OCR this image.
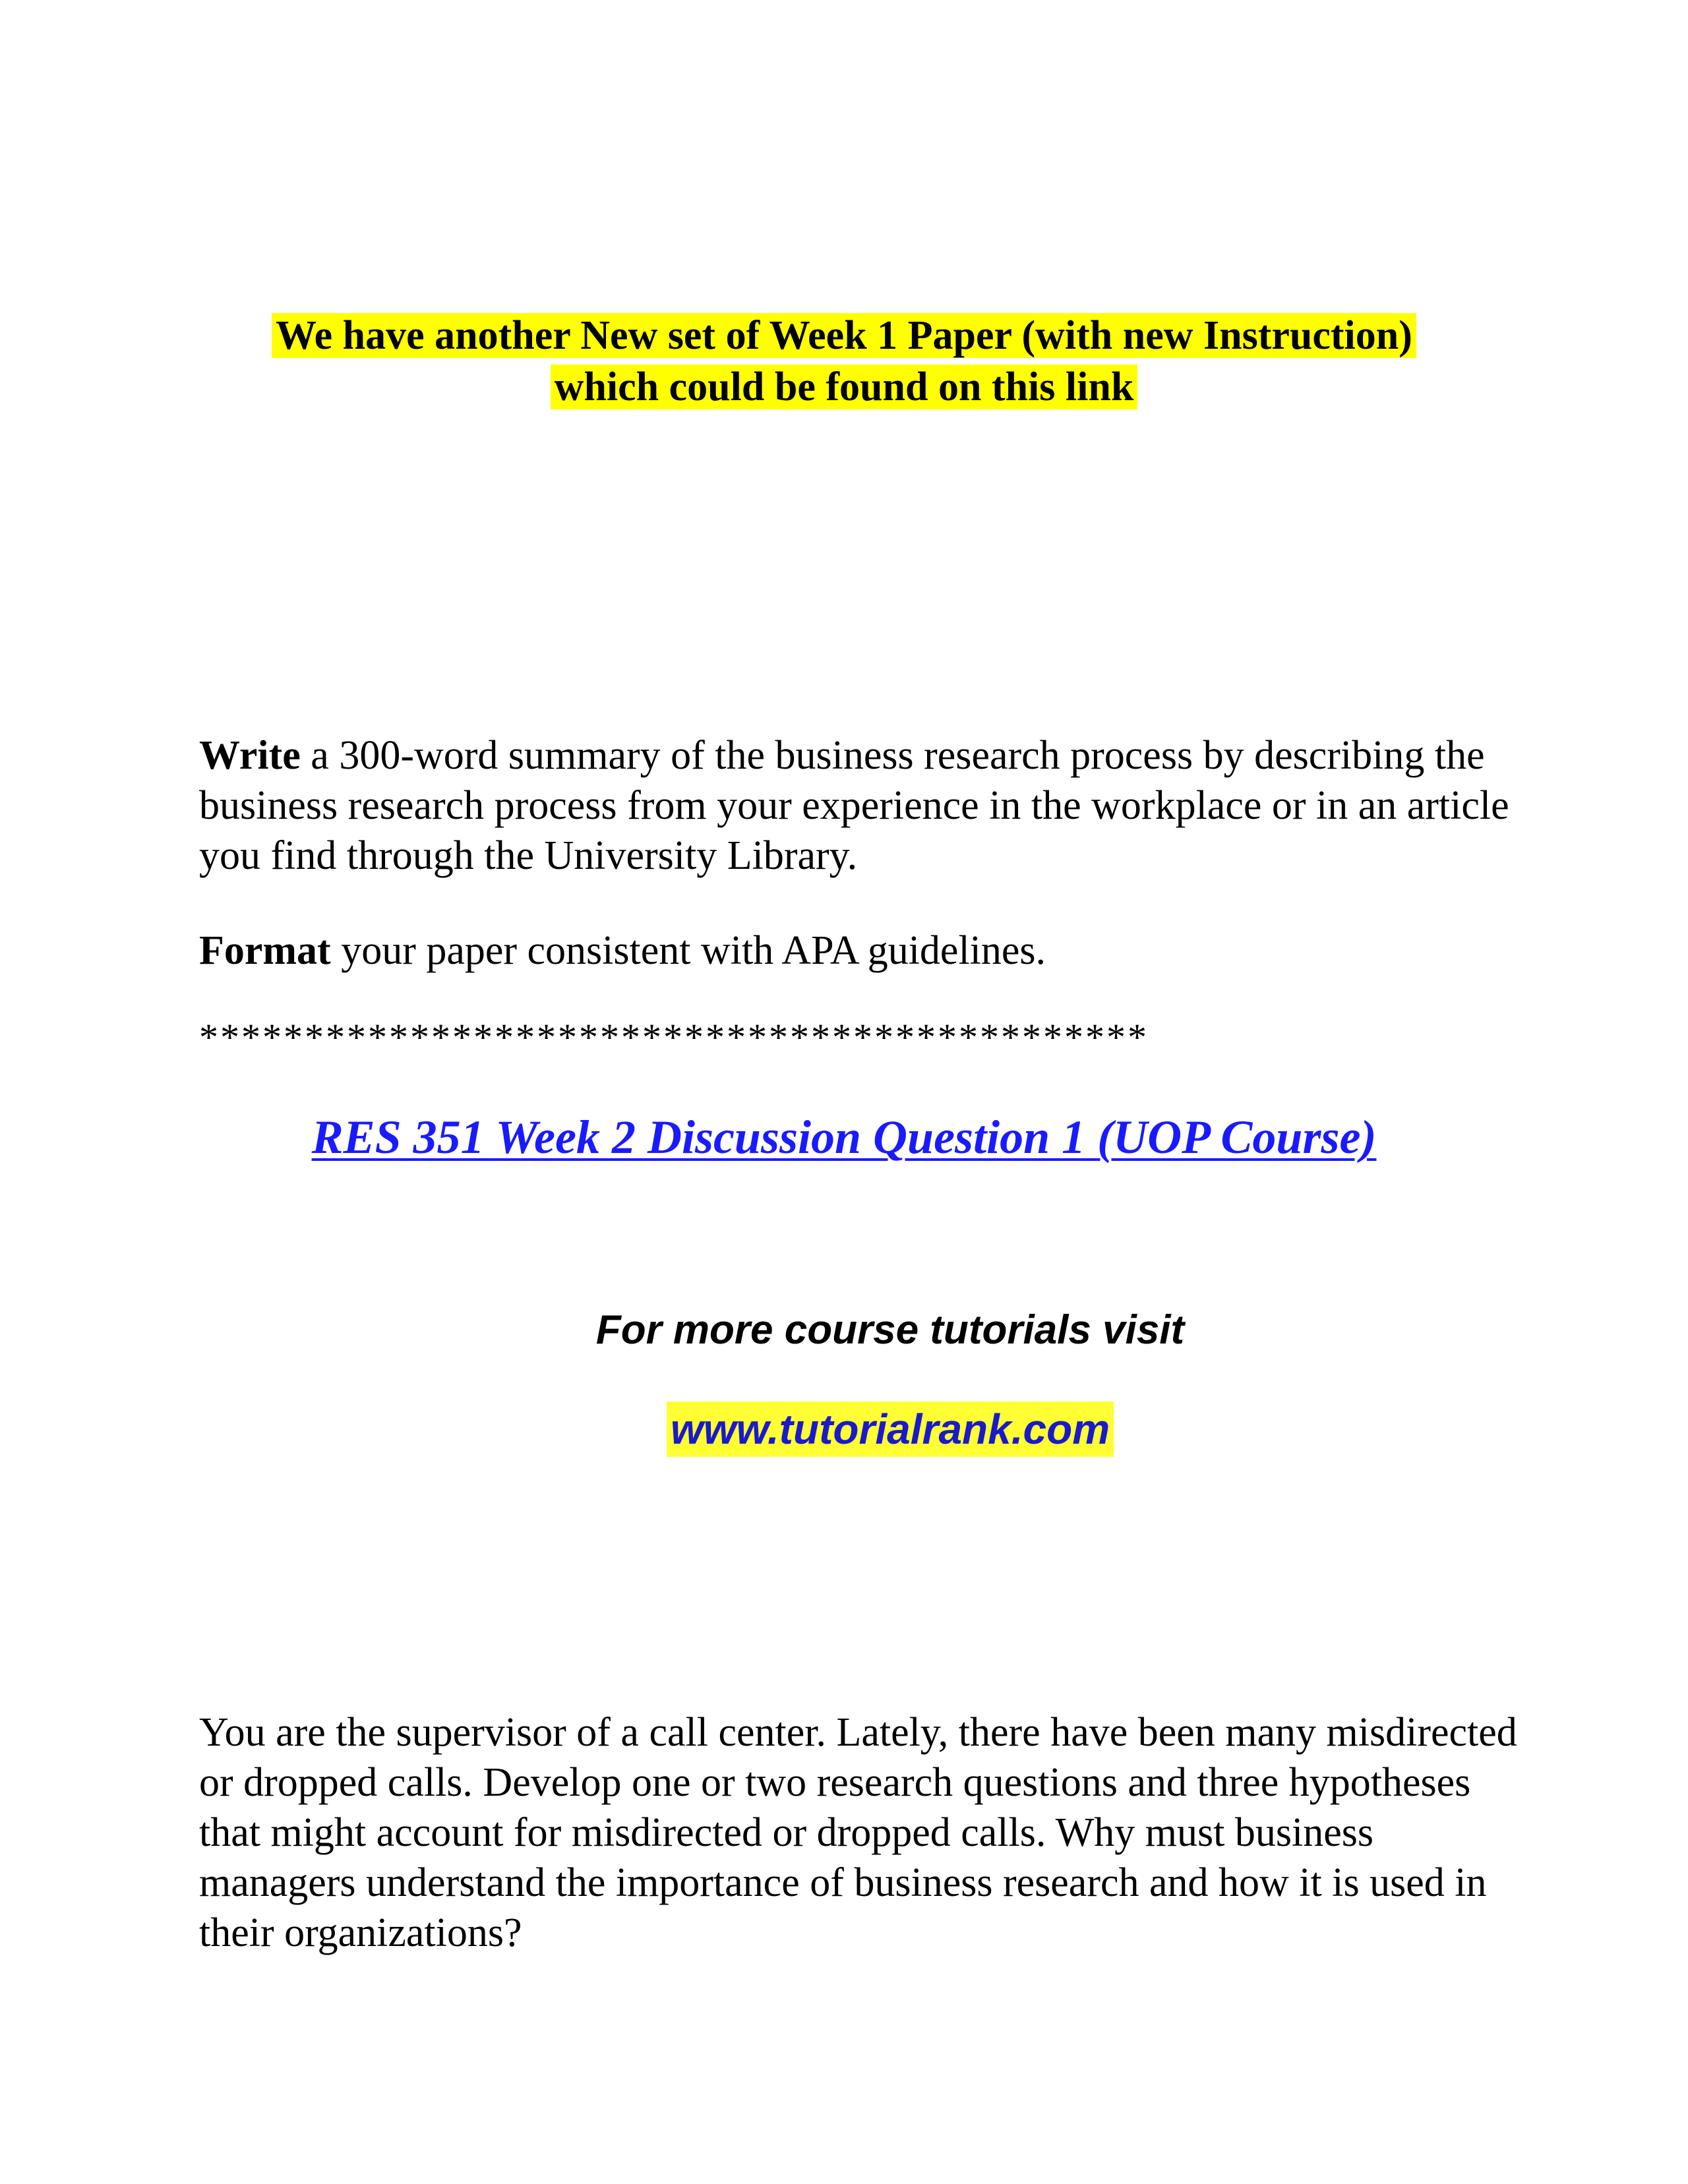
We have another New set of Week 1 Paper (with new Instruction)
which could be found on this link
Write a 300-word summary of the business research process by describing the business research process from your experience in the workplace or in an article you find through the University Library.
Format your paper consistent with APA guidelines.
*********************************************
RES 351 Week 2 Discussion Question 1 (UOP Course)
For more course tutorials visit
www.tutorialrank.com
You are the supervisor of a call center. Lately, there have been many misdirected or dropped calls. Develop one or two research questions and three hypotheses that might account for misdirected or dropped calls. Why must business managers understand the importance of business research and how it is used in their organizations?
